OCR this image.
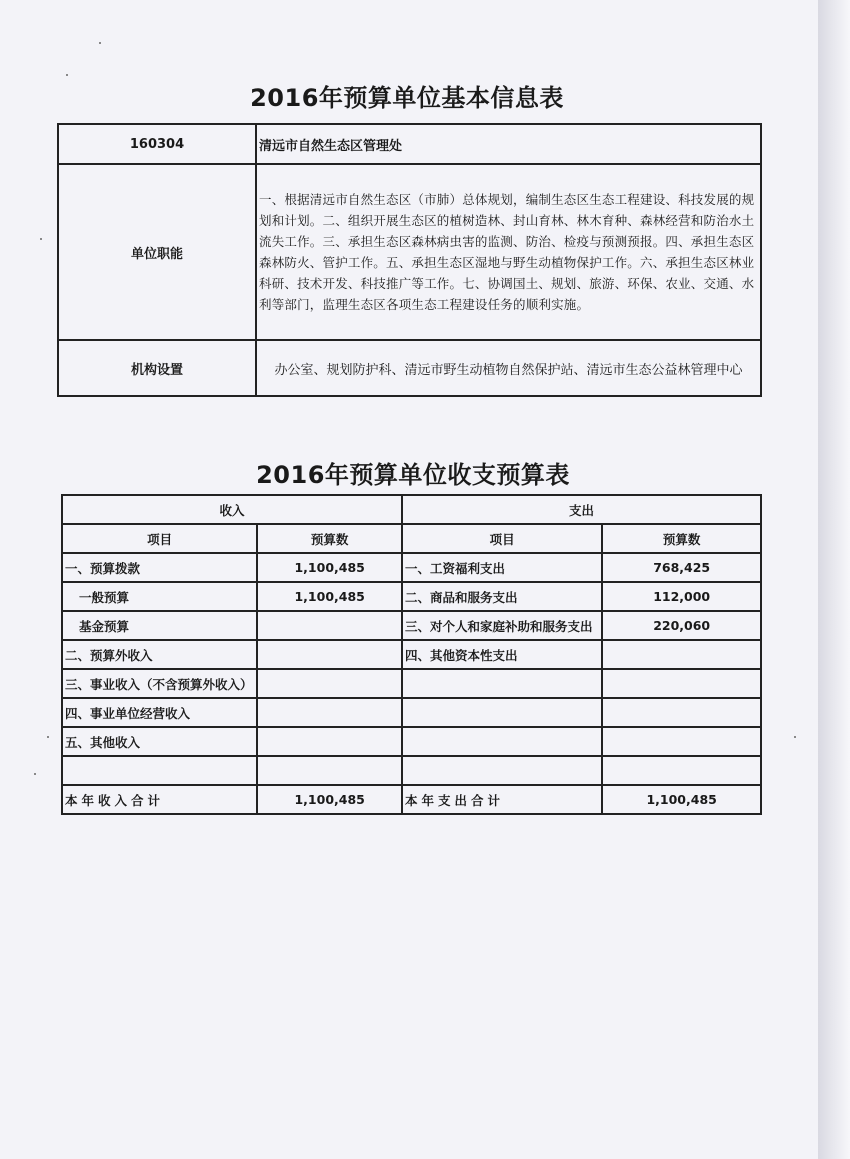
2016年预算单位基本信息表
160304	清远市自然生态区管理处
单位职能	一、根据清远市自然生态区（市肺）总体规划，编制生态区生态工程建设、科技发展的规划和计划。二、组织开展生态区的植树造林、封山育林、林木育种、森林经营和防治水土流失工作。三、承担生态区森林病虫害的监测、防治、检疫与预测预报。四、承担生态区森林防火、管护工作。五、承担生态区湿地与野生动植物保护工作。六、承担生态区林业科研、技术开发、科技推广等工作。七、协调国土、规划、旅游、环保、农业、交通、水利等部门，监理生态区各项生态工程建设任务的顺利实施。
机构设置	办公室、规划防护科、清远市野生动植物自然保护站、清远市生态公益林管理中心
2016年预算单位收支预算表
收入		支出	
项目	预算数	项目	预算数
一、预算拨款	1,100,485	一、工资福利支出	768,425
一般预算	1,100,485	二、商品和服务支出	112,000
基金预算		三、对个人和家庭补助和服务支出	220,060
二、预算外收入		四、其他资本性支出	
三、事业收入（不含预算外收入）			
四、事业单位经营收入			
五、其他收入			

本年收入合计	1,100,485	本年支出合计	1,100,485
